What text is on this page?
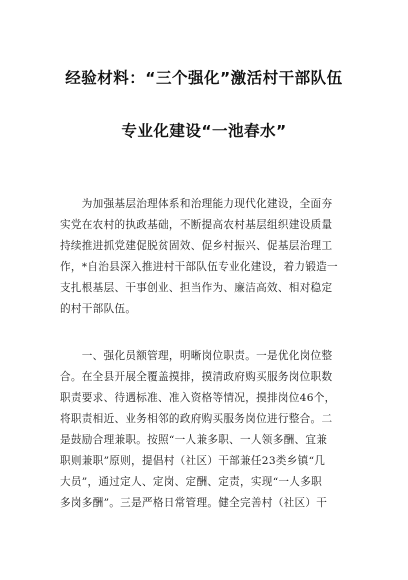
经验材料：“三个强化”激活村干部队伍
专业化建设“一池春水”
　　为加强基层治理体系和治理能力现代化建设，全面夯
实党在农村的执政基础，不断提高农村基层组织建设质量
持续推进抓党建促脱贫固效、促乡村振兴、促基层治理工
作，*自治县深入推进村干部队伍专业化建设，着力锻造一
支扎根基层、干事创业、担当作为、廉洁高效、相对稳定
的村干部队伍。
　　一、强化员额管理，明晰岗位职责。一是优化岗位整
合。在全县开展全覆盖摸排，摸清政府购买服务岗位职数
职责要求、待遇标准、准入资格等情况，摸排岗位46个，
将职责相近、业务相邻的政府购买服务岗位进行整合。二
是鼓励合理兼职。按照“一人兼多职、一人领多酬、宜兼
职则兼职”原则，提倡村（社区）干部兼任23类乡镇“几
大员”，通过定人、定岗、定酬、定责，实现“一人多职
多岗多酬”。三是严格日常管理。健全完善村（社区）干
